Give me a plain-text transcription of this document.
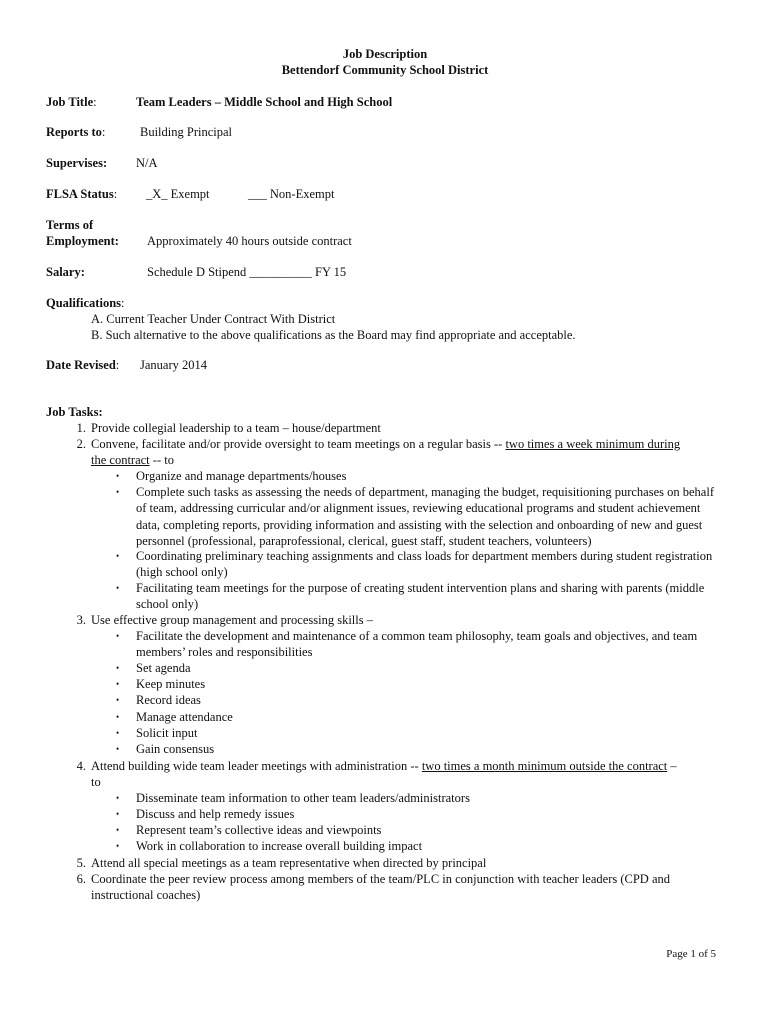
Job Description
Bettendorf Community School District
Job Title:	Team Leaders – Middle School and High School
Reports to:	Building Principal
Supervises: N/A
FLSA Status: _X_ Exempt	___ Non-Exempt
Terms of
Employment: Approximately 40 hours outside contract
Salary:	Schedule D Stipend __________ FY 15
Qualifications:
A. Current Teacher Under Contract With District
B. Such alternative to the above qualifications as the Board may find appropriate and acceptable.
Date Revised: January 2014
Job Tasks:
1. Provide collegial leadership to a team – house/department
2. Convene, facilitate and/or provide oversight to team meetings on a regular basis -- two times a week minimum during
the contract -- to
• Organize and manage departments/houses
• Complete such tasks as assessing the needs of department, managing the budget, requisitioning purchases on behalf of team, addressing curricular and/or alignment issues, reviewing educational programs and student achievement data, completing reports, providing information and assisting with the selection and onboarding of new and guest personnel (professional, paraprofessional, clerical, guest staff, student teachers, volunteers)
• Coordinating preliminary teaching assignments and class loads for department members during student registration (high school only)
• Facilitating team meetings for the purpose of creating student intervention plans and sharing with parents (middle school only)
3. Use effective group management and processing skills –
• Facilitate the development and maintenance of a common team philosophy, team goals and objectives, and team members’ roles and responsibilities
• Set agenda
• Keep minutes
• Record ideas
• Manage attendance
• Solicit input
• Gain consensus
4. Attend building wide team leader meetings with administration -- two times a month minimum outside the contract –
to
• Disseminate team information to other team leaders/administrators
• Discuss and help remedy issues
• Represent team’s collective ideas and viewpoints
• Work in collaboration to increase overall building impact
5. Attend all special meetings as a team representative when directed by principal
6. Coordinate the peer review process among members of the team/PLC in conjunction with teacher leaders (CPD and instructional coaches)
Page 1 of 5
